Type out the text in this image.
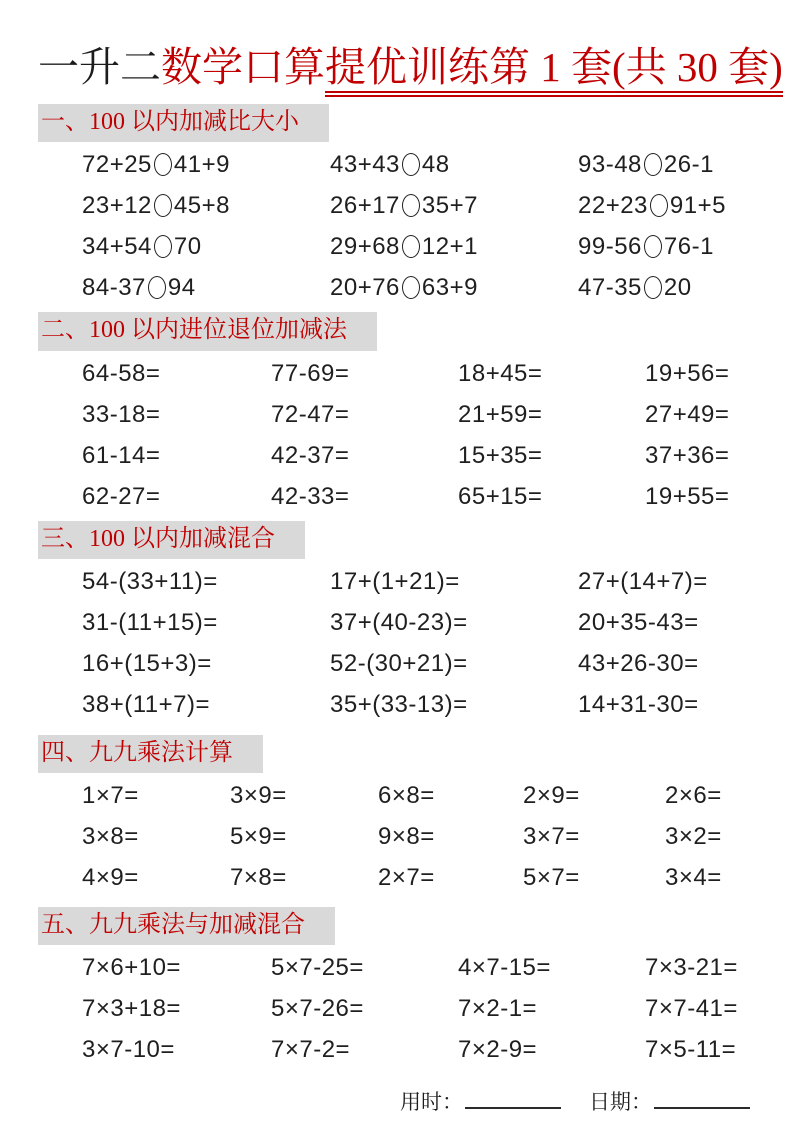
一升二数学口算提优训练第 1 套(共 30 套)
一、100 以内加减比大小
72+25 41+9	43+43 48	93-48 26-1
23+12 45+8	26+17 35+7	22+23 91+5
34+54 70	29+68 12+1	99-56 76-1
84-37 94	20+76 63+9	47-35 20
二、100 以内进位退位加减法
64-58=	77-69=	18+45=	19+56=
33-18=	72-47=	21+59=	27+49=
61-14=	42-37=	15+35=	37+36=
62-27=	42-33=	65+15=	19+55=
三、100 以内加减混合
54-(33+11)=	17+(1+21)=	27+(14+7)=
31-(11+15)=	37+(40-23)=	20+35-43=
16+(15+3)=	52-(30+21)=	43+26-30=
38+(11+7)=	35+(33-13)=	14+31-30=
四、九九乘法计算
1×7=	3×9=	6×8=	2×9=	2×6=
3×8=	5×9=	9×8=	3×7=	3×2=
4×9=	7×8=	2×7=	5×7=	3×4=
五、九九乘法与加减混合
7×6+10=	5×7-25=	4×7-15=	7×3-21=
7×3+18=	5×7-26=	7×2-1=	7×7-41=
3×7-10=	7×7-2=	7×2-9=	7×5-11=
用时：	日期：
